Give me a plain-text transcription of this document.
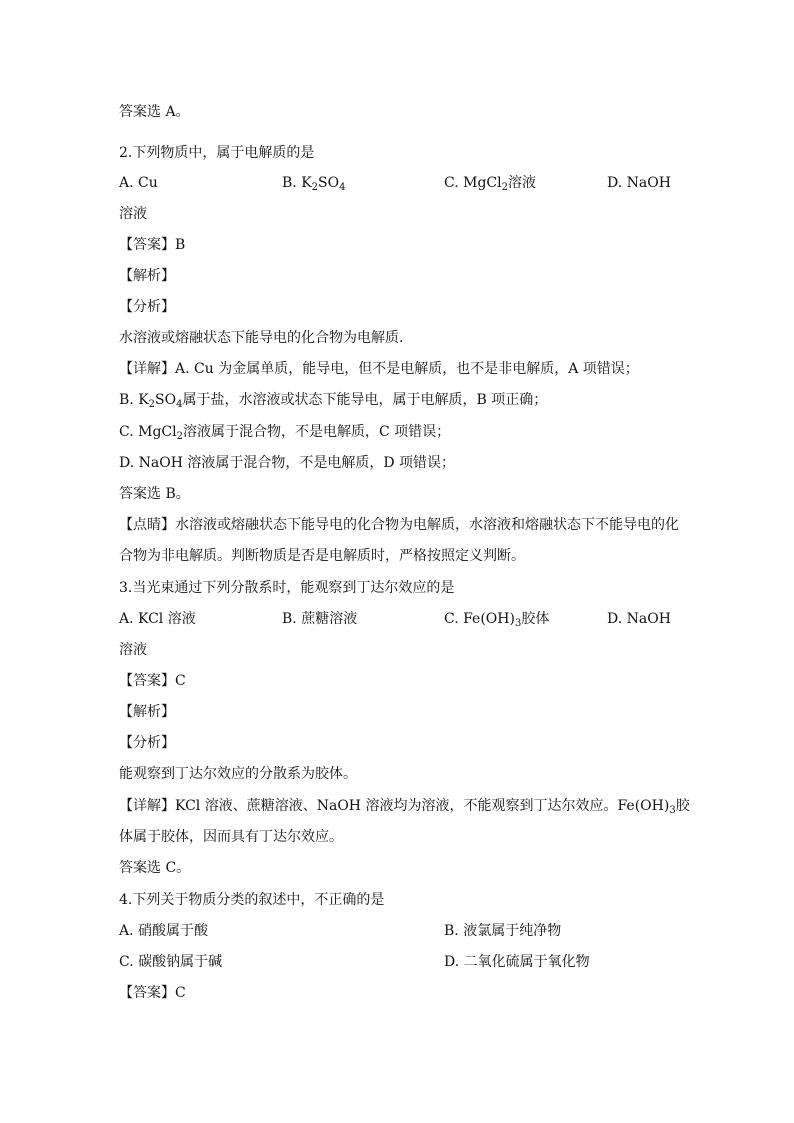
答案选 A。
2.下列物质中，属于电解质的是
A. Cu	B. $K_2SO_4$	C. MgCl$_2$溶液	D. NaOH
溶液
【答案】B
【解析】
【分析】
水溶液或熔融状态下能导电的化合物为电解质.
【详解】A. Cu 为金属单质，能导电，但不是电解质，也不是非电解质，A 项错误；
B. $K_2SO_4$属于盐，水溶液或状态下能导电，属于电解质，B 项正确；
C. MgCl$_2$溶液属于混合物，不是电解质，C 项错误；
D. NaOH 溶液属于混合物，不是电解质，D 项错误；
答案选 B。
【点睛】水溶液或熔融状态下能导电的化合物为电解质，水溶液和熔融状态下不能导电的化
合物为非电解质。判断物质是否是电解质时，严格按照定义判断。
3.当光束通过下列分散系时，能观察到丁达尔效应的是
A. KCl 溶液	B. 蔗糖溶液	C. $Fe(OH)_3$胶体	D. NaOH
溶液
【答案】C
【解析】
【分析】
能观察到丁达尔效应的分散系为胶体。
【详解】KCl 溶液、蔗糖溶液、NaOH 溶液均为溶液，不能观察到丁达尔效应。$Fe(OH)_3$胶
体属于胶体，因而具有丁达尔效应。
答案选 C。
4.下列关于物质分类的叙述中，不正确的是
A. 硝酸属于酸	B. 液氯属于纯净物
C. 碳酸钠属于碱	D. 二氧化硫属于氧化物
【答案】C
